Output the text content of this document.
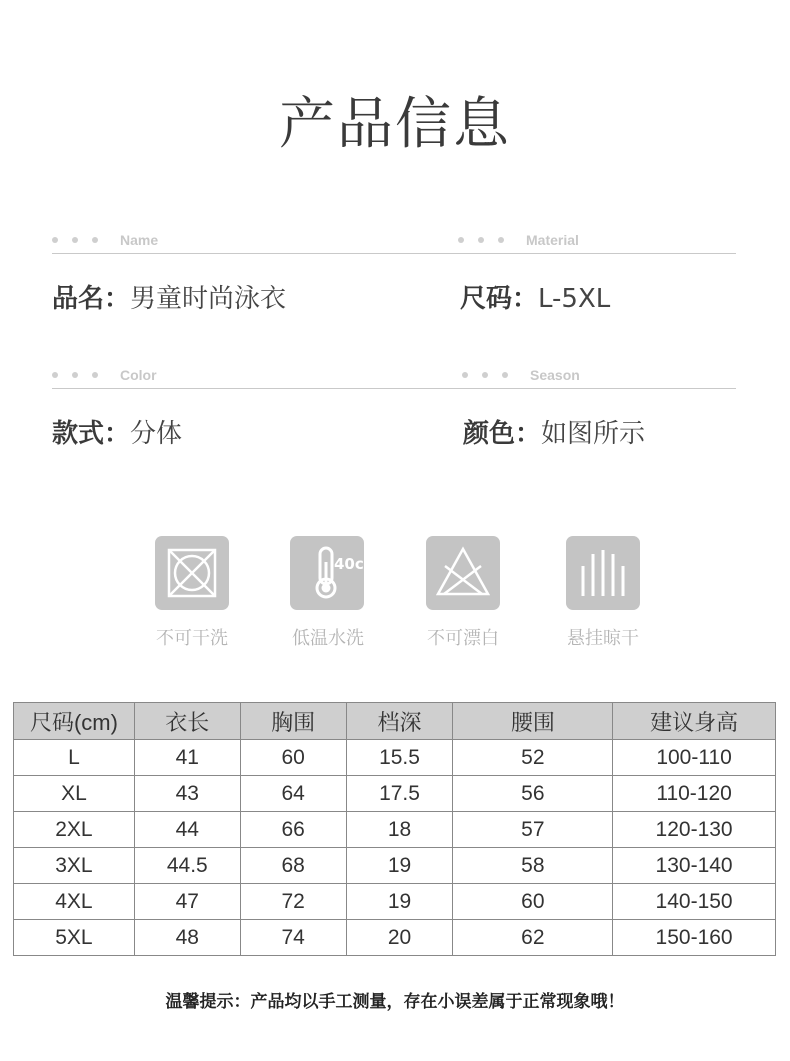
产品信息
Name	Material
品名：男童时尚泳衣	尺码：L-5XL
Color	Season
款式：分体	颜色：如图所示
40c
不可干洗	低温水洗	不可漂白	悬挂晾干
尺码(cm)	衣长	胸围	档深	腰围	建议身高
L	41	60	15.5	52	100-110
XL	43	64	17.5	56	110-120
2XL	44	66	18	57	120-130
3XL	44.5	68	19	58	130-140
4XL	47	72	19	60	140-150
5XL	48	74	20	62	150-160
温馨提示：产品均以手工测量，存在小误差属于正常现象哦！
